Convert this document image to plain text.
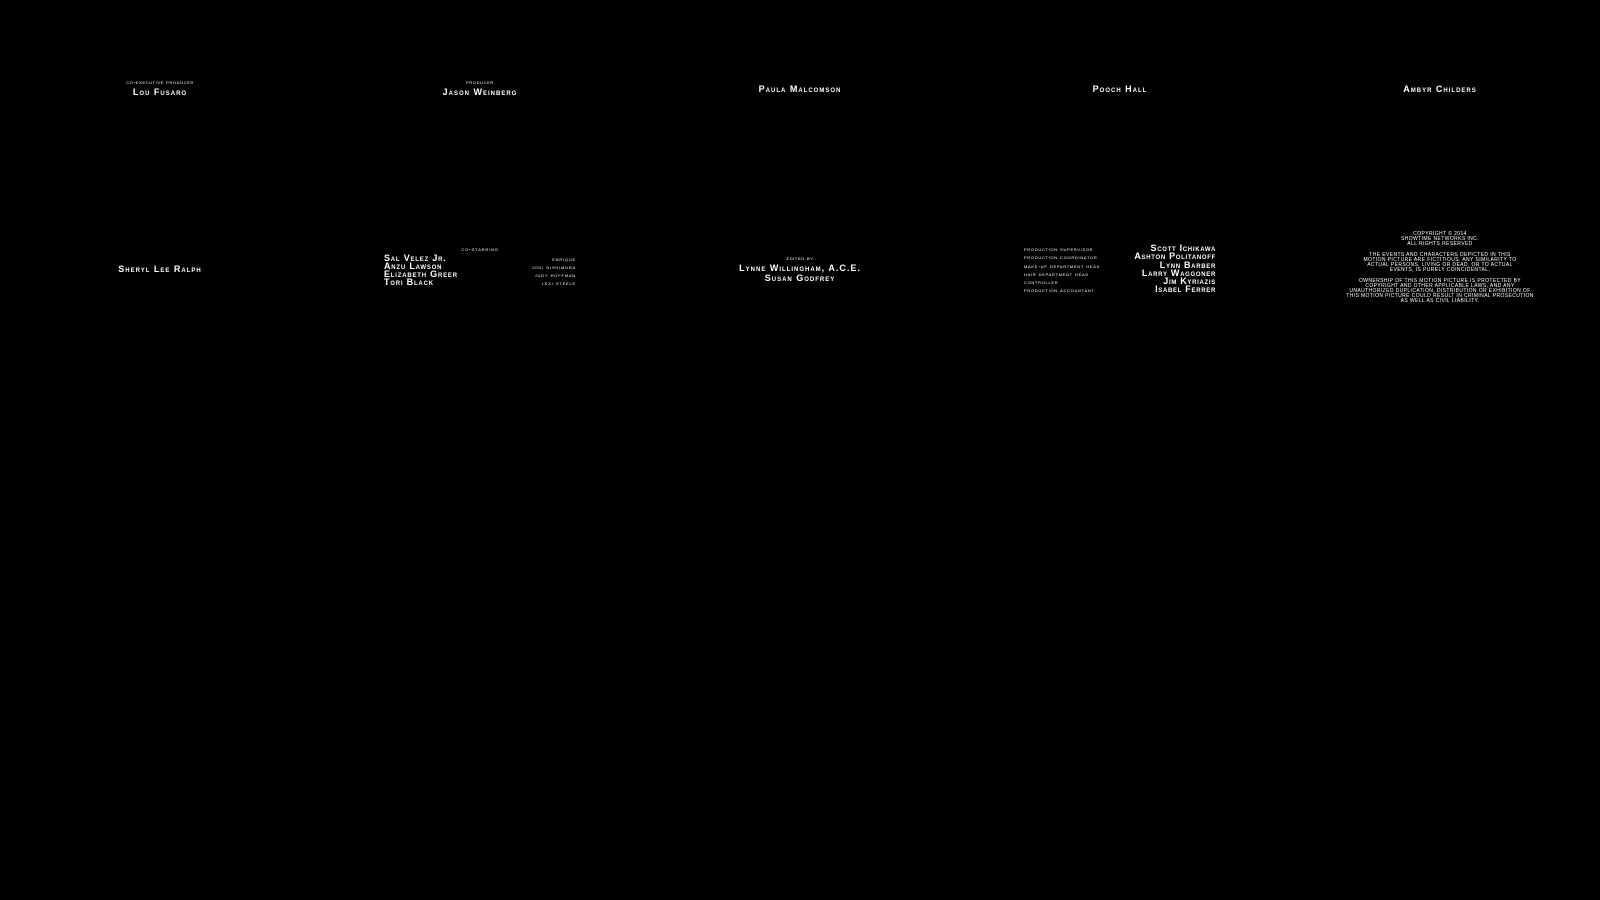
co-executive producer
Lou Fusaro
producer
Jason Weinberg	Paula Malcomson	Pooch Hall	Ambyr Childers
Sheryl Lee Ralph
co-starring
Sal Velez Jr.	enrique
Anzu Lawson	jodi nishimura
Elizabeth Greer	judy hoffman
Tori Black	lexi steele
edited by
Lynne Willingham, A.C.E.
Susan Godfrey
production supervisor	Scott Ichikawa
production coordinator	Ashton Politanoff
make-up department head	Lynn Barber
hair department head	Larry Waggoner
controller	Jim Kyriazis
production accountant	Isabel Ferrer
COPYRIGHT © 2014
SHOWTIME NETWORKS INC.
ALL RIGHTS RESERVED
THE EVENTS AND CHARACTERS DEPICTED IN THIS
MOTION PICTURE ARE FICTITIOUS. ANY SIMILARITY TO
ACTUAL PERSONS, LIVING OR DEAD, OR TO ACTUAL
EVENTS, IS PURELY COINCIDENTAL.
OWNERSHIP OF THIS MOTION PICTURE IS PROTECTED BY
COPYRIGHT AND OTHER APPLICABLE LAWS, AND ANY
UNAUTHORIZED DUPLICATION, DISTRIBUTION OR EXHIBITION OF
THIS MOTION PICTURE COULD RESULT IN CRIMINAL PROSECUTION
AS WELL AS CIVIL LIABILITY.
